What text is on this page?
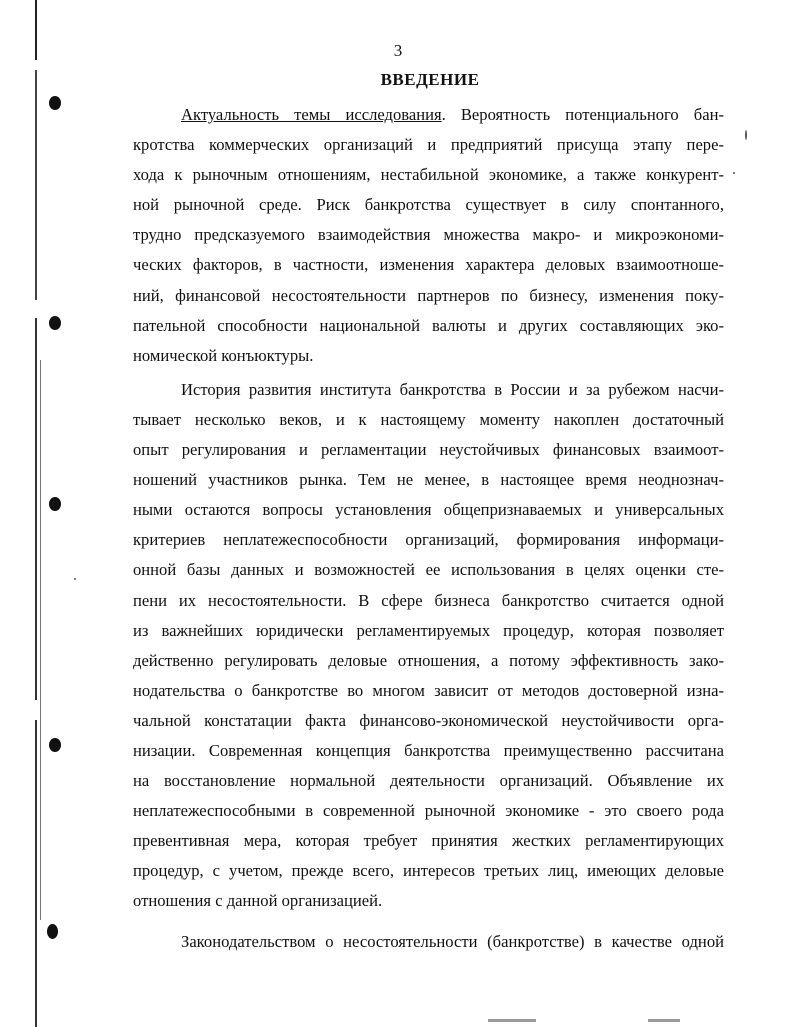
3
ВВЕДЕНИЕ
Актуальность темы исследования. Вероятность потенциального бан-
кротства коммерческих организаций и предприятий присуща этапу пере-
хода к рыночным отношениям, нестабильной экономике, а также конкурент-
ной рыночной среде. Риск банкротства существует в силу спонтанного,
трудно предсказуемого взаимодействия множества макро- и микроэкономи-
ческих факторов, в частности, изменения характера деловых взаимоотноше-
ний, финансовой несостоятельности партнеров по бизнесу, изменения поку-
пательной способности национальной валюты и других составляющих эко-
номической конъюктуры.
История развития института банкротства в России и за рубежом насчи-
тывает несколько веков, и к настоящему моменту накоплен достаточный
опыт регулирования и регламентации неустойчивых финансовых взаимоот-
ношений участников рынка. Тем не менее, в настоящее время неоднознач-
ными остаются вопросы установления общепризнаваемых и универсальных
критериев неплатежеспособности организаций, формирования информаци-
онной базы данных и возможностей ее использования в целях оценки сте-
пени их несостоятельности. В сфере бизнеса банкротство считается одной
из важнейших юридически регламентируемых процедур, которая позволяет
действенно регулировать деловые отношения, а потому эффективность зако-
нодательства о банкротстве во многом зависит от методов достоверной изна-
чальной констатации факта финансово-экономической неустойчивости орга-
низации. Современная концепция банкротства преимущественно рассчитана
на восстановление нормальной деятельности организаций. Объявление их
неплатежеспособными в современной рыночной экономике - это своего рода
превентивная мера, которая требует принятия жестких регламентирующих
процедур, с учетом, прежде всего, интересов третьих лиц, имеющих деловые
отношения с данной организацией.
Законодательством о несостоятельности (банкротстве) в качестве одной
